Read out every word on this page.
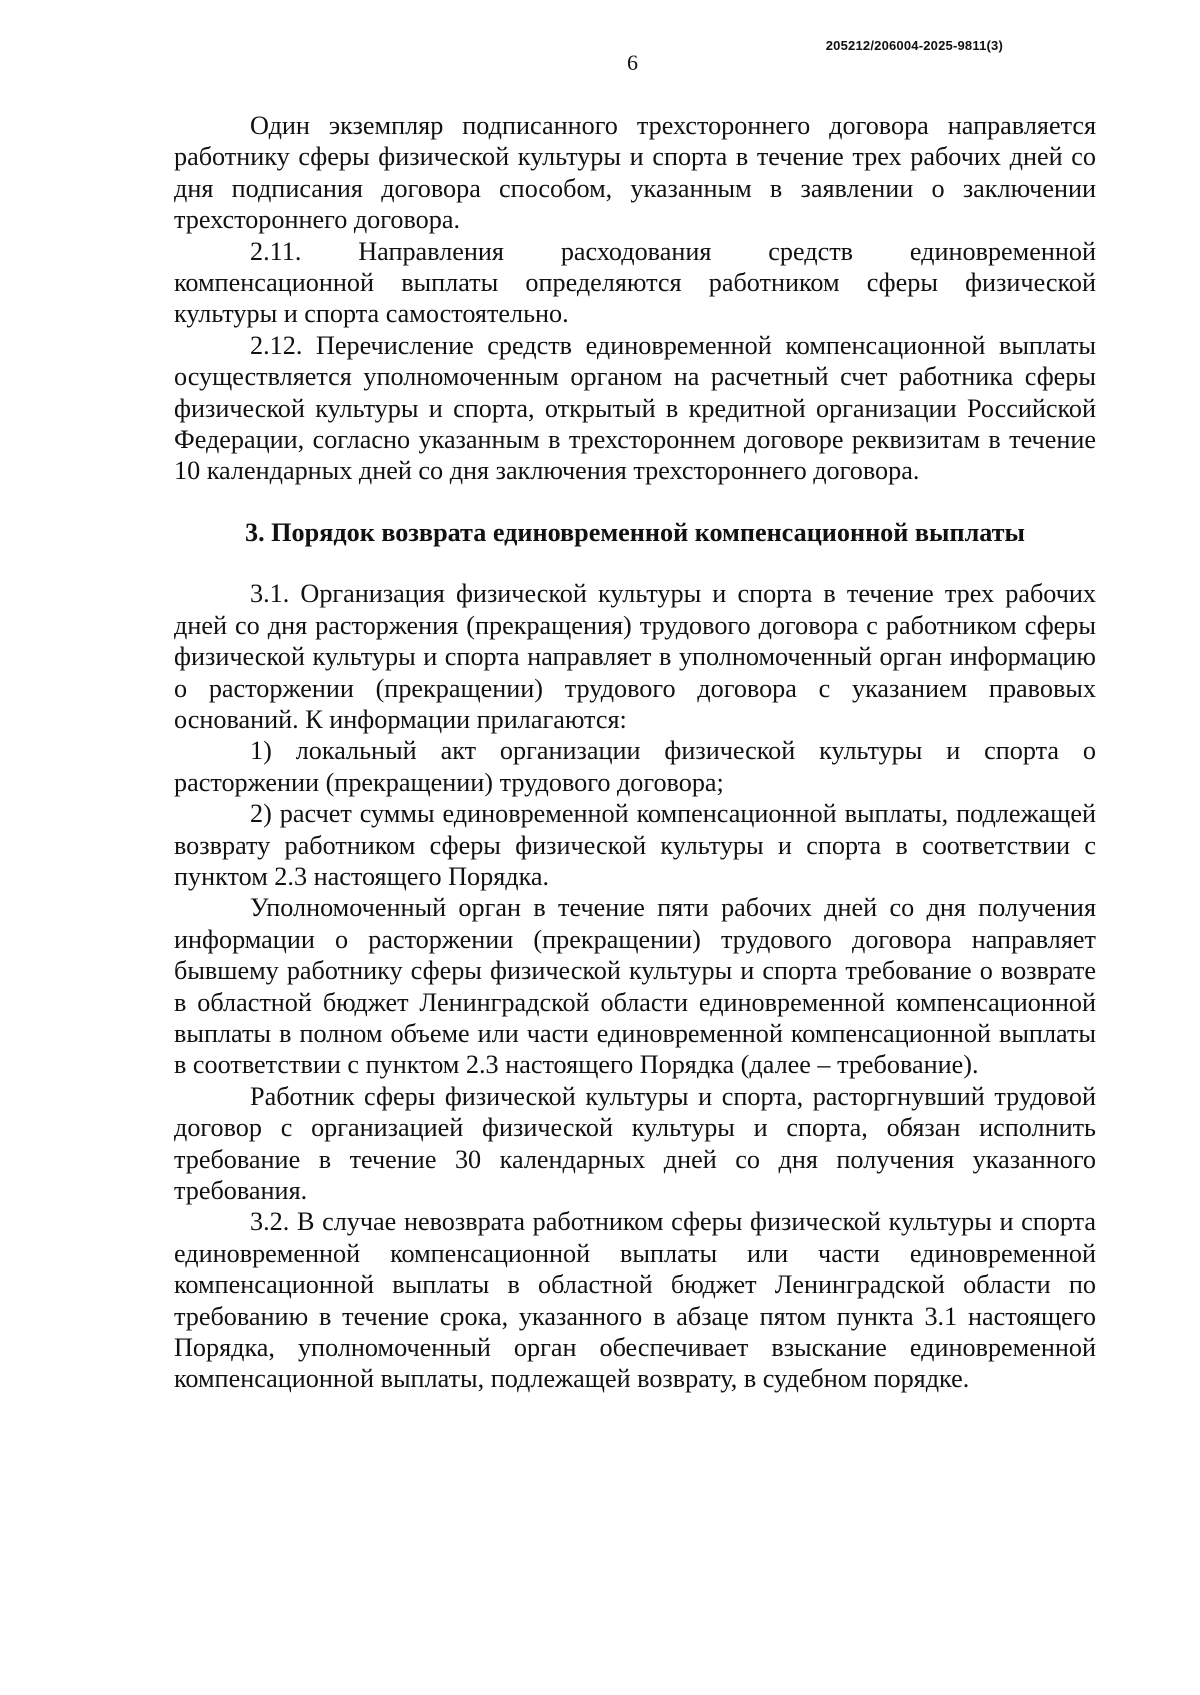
205212/206004-2025-9811(3)
6

Один экземпляр подписанного трехстороннего договора направляется работнику сферы физической культуры и спорта в течение трех рабочих дней со дня подписания договора способом, указанным в заявлении о заключении трехстороннего договора.

2.11. Направления расходования средств единовременной компенсационной выплаты определяются работником сферы физической культуры и спорта самостоятельно.

2.12. Перечисление средств единовременной компенсационной выплаты осуществляется уполномоченным органом на расчетный счет работника сферы физической культуры и спорта, открытый в кредитной организации Российской Федерации, согласно указанным в трехстороннем договоре реквизитам в течение 10 календарных дней со дня заключения трехстороннего договора.

3. Порядок возврата единовременной компенсационной выплаты

3.1. Организация физической культуры и спорта в течение трех рабочих дней со дня расторжения (прекращения) трудового договора с работником сферы физической культуры и спорта направляет в уполномоченный орган информацию о расторжении (прекращении) трудового договора с указанием правовых оснований. К информации прилагаются:

1) локальный акт организации физической культуры и спорта о расторжении (прекращении) трудового договора;

2) расчет суммы единовременной компенсационной выплаты, подлежащей возврату работником сферы физической культуры и спорта в соответствии с пунктом 2.3 настоящего Порядка.

Уполномоченный орган в течение пяти рабочих дней со дня получения информации о расторжении (прекращении) трудового договора направляет бывшему работнику сферы физической культуры и спорта требование о возврате в областной бюджет Ленинградской области единовременной компенсационной выплаты в полном объеме или части единовременной компенсационной выплаты в соответствии с пунктом 2.3 настоящего Порядка (далее – требование).

Работник сферы физической культуры и спорта, расторгнувший трудовой договор с организацией физической культуры и спорта, обязан исполнить требование в течение 30 календарных дней со дня получения указанного требования.

3.2. В случае невозврата работником сферы физической культуры и спорта единовременной компенсационной выплаты или части единовременной компенсационной выплаты в областной бюджет Ленинградской области по требованию в течение срока, указанного в абзаце пятом пункта 3.1 настоящего Порядка, уполномоченный орган обеспечивает взыскание единовременной компенсационной выплаты, подлежащей возврату, в судебном порядке.
